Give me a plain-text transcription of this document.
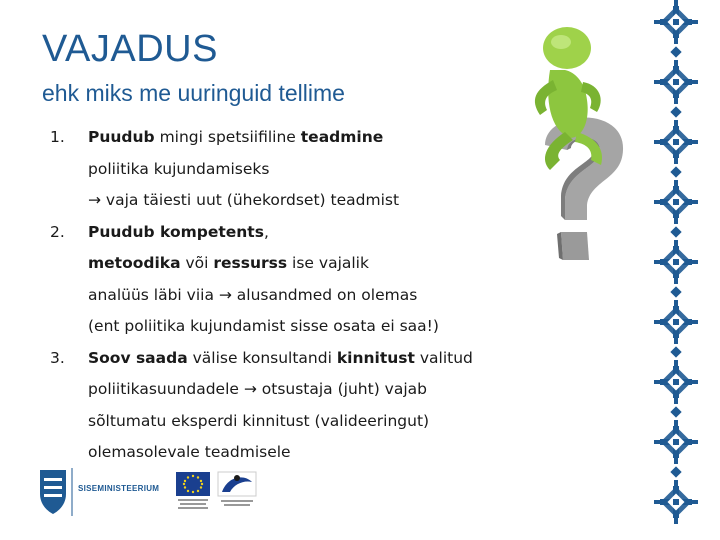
VAJADUS
ehk miks me uuringuid tellime
1. Puudub mingi spetsiifiline teadmine
poliitika kujundamiseks
→ vaja täiesti uut (ühekordset) teadmist
2. Puudub kompetents,
metoodika või ressurss ise vajalik
analüüs läbi viia → alusandmed on olemas
(ent poliitika kujundamist sisse osata ei saa!)
3. Soov saada välise konsultandi kinnitust valitud
poliitikasuundadele → otsustaja (juht) vajab
sõltumatu eksperdi kinnitust (valideeringut)
olemasolevale teadmisele
SISEMINISTEERIUM
